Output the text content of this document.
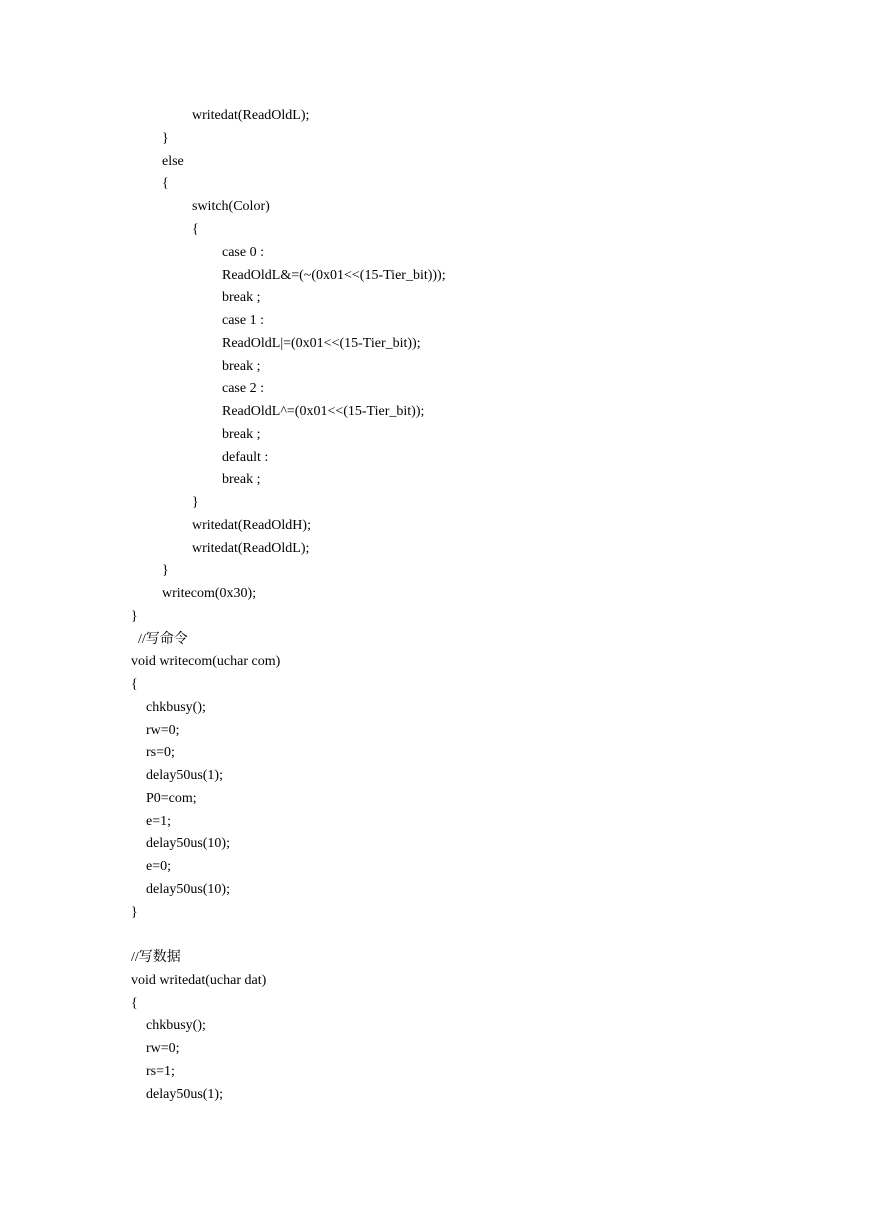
writedat(ReadOldL);
}
else
{
switch(Color)
{
case 0 :
ReadOldL&=(~(0x01<<(15-Tier_bit)));
break ;
case 1 :
ReadOldL|=(0x01<<(15-Tier_bit));
break ;
case 2 :
ReadOldL^=(0x01<<(15-Tier_bit));
break ;
default :
break ;
}
writedat(ReadOldH);
writedat(ReadOldL);
}
writecom(0x30);
}
//写命令
void writecom(uchar com)
{
chkbusy();
rw=0;
rs=0;
delay50us(1);
P0=com;
e=1;
delay50us(10);
e=0;
delay50us(10);
}
//写数据
void writedat(uchar dat)
{
chkbusy();
rw=0;
rs=1;
delay50us(1);
